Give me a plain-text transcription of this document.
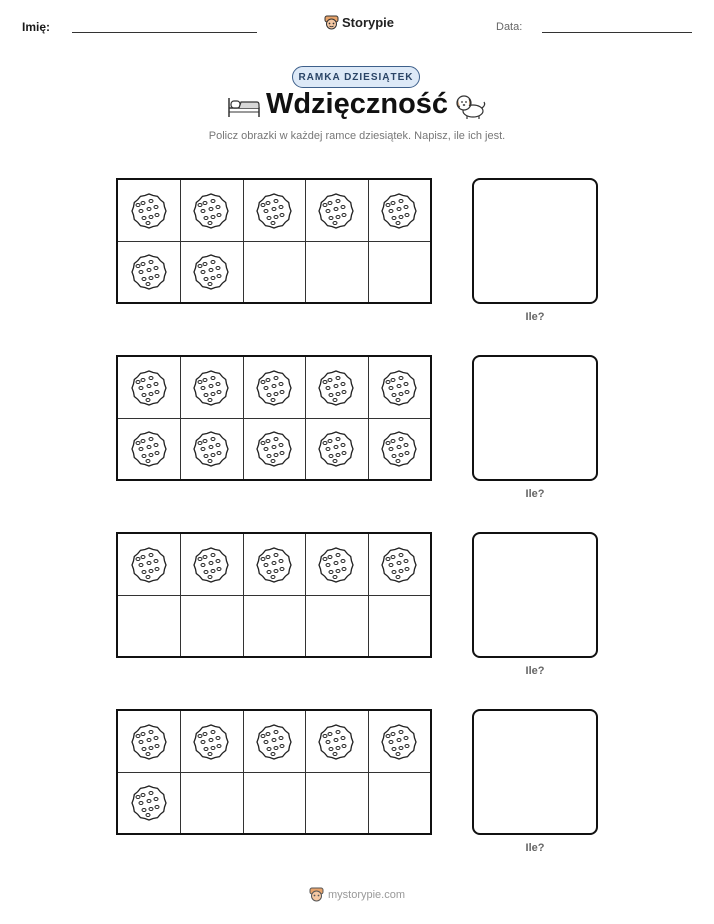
Imię:	Storypie	Data:
RAMKA DZIESIĄTEK
Wdzięczność
Policz obrazki w każdej ramce dziesiątek. Napisz, ile ich jest.
Ile?
Ile?
Ile?
Ile?
mystorypie.com
